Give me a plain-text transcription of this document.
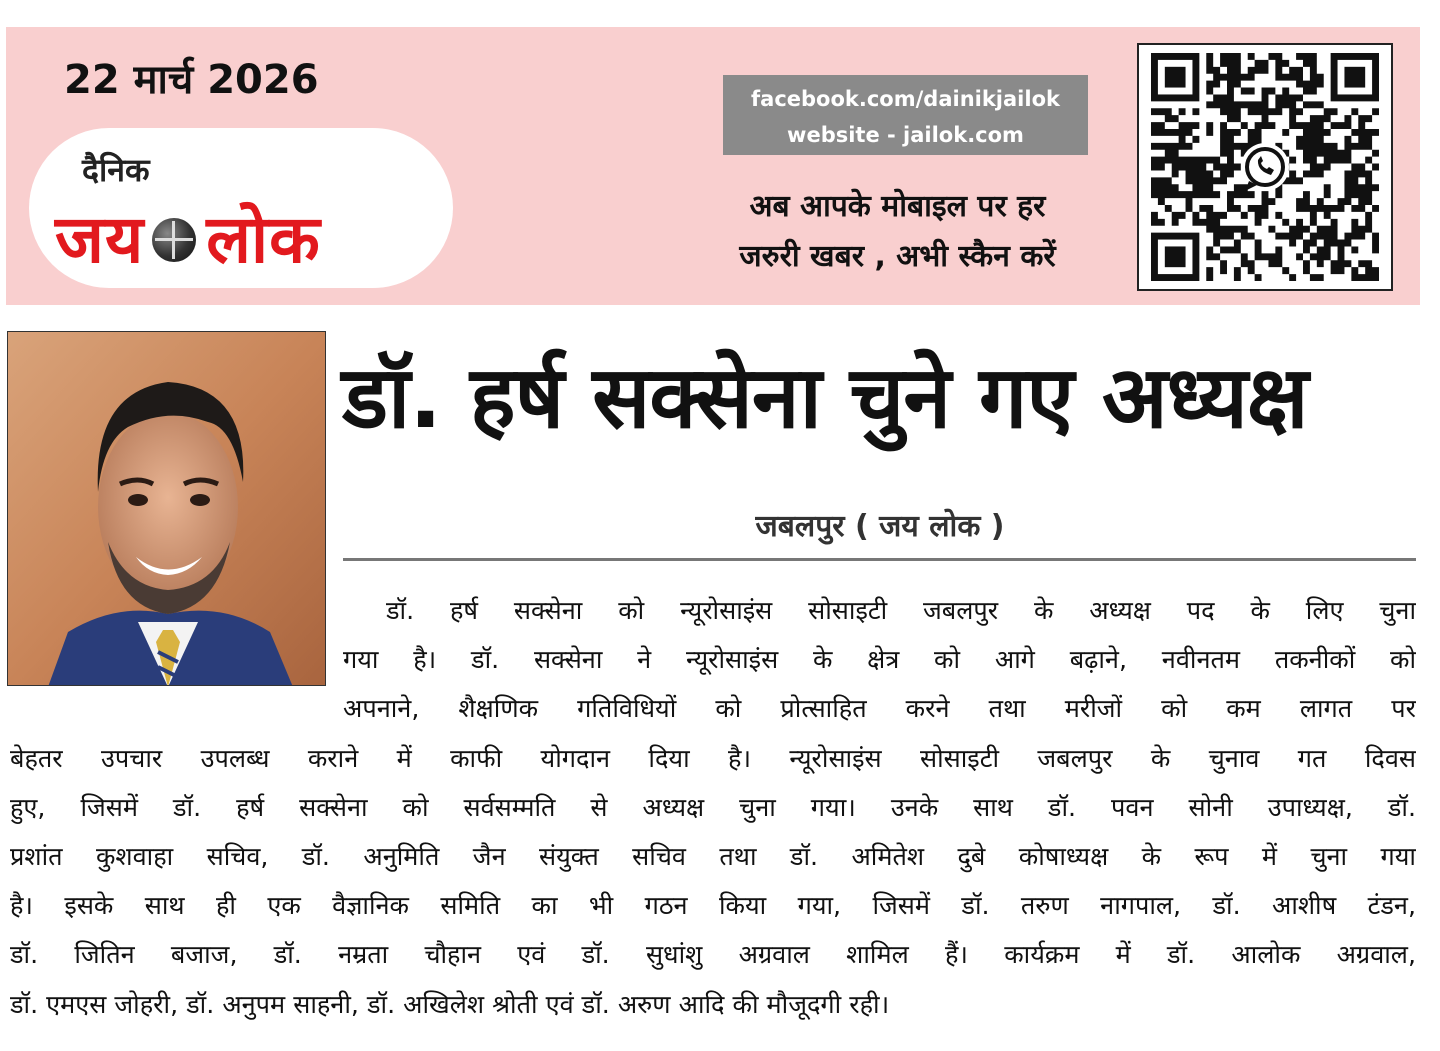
22 मार्च 2026
दैनिक
जय लोक
facebook.com/dainikjailok
website - jailok.com
अब आपके मोबाइल पर हर
जरुरी खबर , अभी स्कैन करें
डॉ. हर्ष सक्सेना चुने गए अध्यक्ष
जबलपुर ( जय लोक )
डॉ. हर्ष सक्सेना को न्यूरोसाइंस सोसाइटी जबलपुर के अध्यक्ष पद के लिए चुना
गया है। डॉ. सक्सेना ने न्यूरोसाइंस के क्षेत्र को आगे बढ़ाने, नवीनतम तकनीकों को
अपनाने, शैक्षणिक गतिविधियों को प्रोत्साहित करने तथा मरीजों को कम लागत पर
बेहतर उपचार उपलब्ध कराने में काफी योगदान दिया है। न्यूरोसाइंस सोसाइटी जबलपुर के चुनाव गत दिवस
हुए, जिसमें डॉ. हर्ष सक्सेना को सर्वसम्मति से अध्यक्ष चुना गया। उनके साथ डॉ. पवन सोनी उपाध्यक्ष, डॉ.
प्रशांत कुशवाहा सचिव, डॉ. अनुमिति जैन संयुक्त सचिव तथा डॉ. अमितेश दुबे कोषाध्यक्ष के रूप में चुना गया
है। इसके साथ ही एक वैज्ञानिक समिति का भी गठन किया गया, जिसमें डॉ. तरुण नागपाल, डॉ. आशीष टंडन,
डॉ. जितिन बजाज, डॉ. नम्रता चौहान एवं डॉ. सुधांशु अग्रवाल शामिल हैं। कार्यक्रम में डॉ. आलोक अग्रवाल,
डॉ. एमएस जोहरी, डॉ. अनुपम साहनी, डॉ. अखिलेश श्रोती एवं डॉ. अरुण आदि की मौजूदगी रही।
